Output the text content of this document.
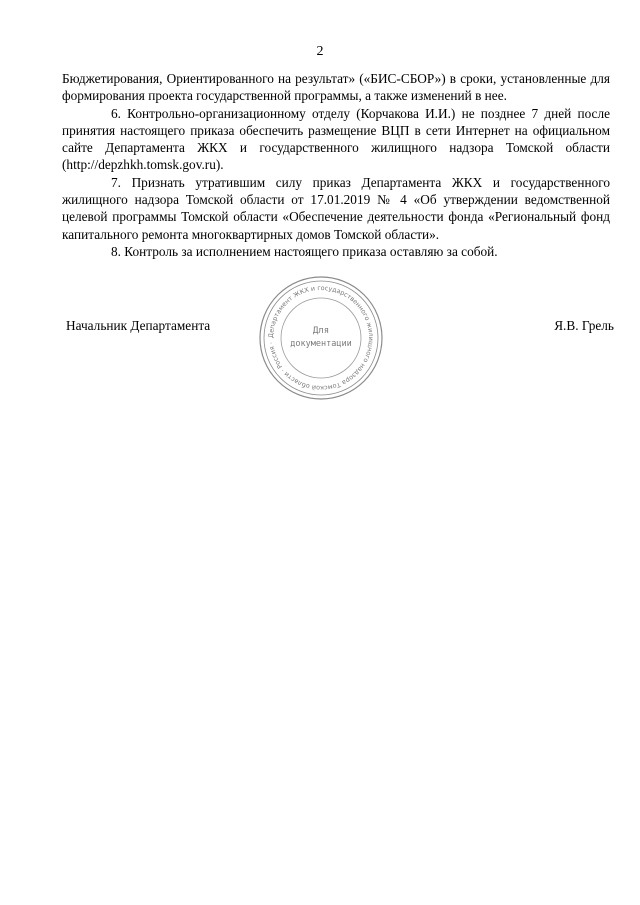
2

Бюджетирования, Ориентированного на результат» («БИС-СБОР») в сроки, установленные для формирования проекта государственной программы, а также изменений в нее.

6. Контрольно-организационному отделу (Корчакова И.И.) не позднее 7 дней после принятия настоящего приказа обеспечить размещение ВЦП в сети Интернет на официальном сайте Департамента ЖКХ и государственного жилищного надзора Томской области (http://depzhkh.tomsk.gov.ru).

7. Признать утратившим силу приказ Департамента ЖКХ и государственного жилищного надзора Томской области от 17.01.2019 № 4 «Об утверждении ведомственной целевой программы Томской области «Обеспечение деятельности фонда «Региональный фонд капитального ремонта многоквартирных домов Томской области».

8. Контроль за исполнением настоящего приказа оставляю за собой.

Начальник Департамента
Департамент ЖКХ и государственного жилищного надзора Томской области · Россия ·
Для
документации
Я.В. Грель
